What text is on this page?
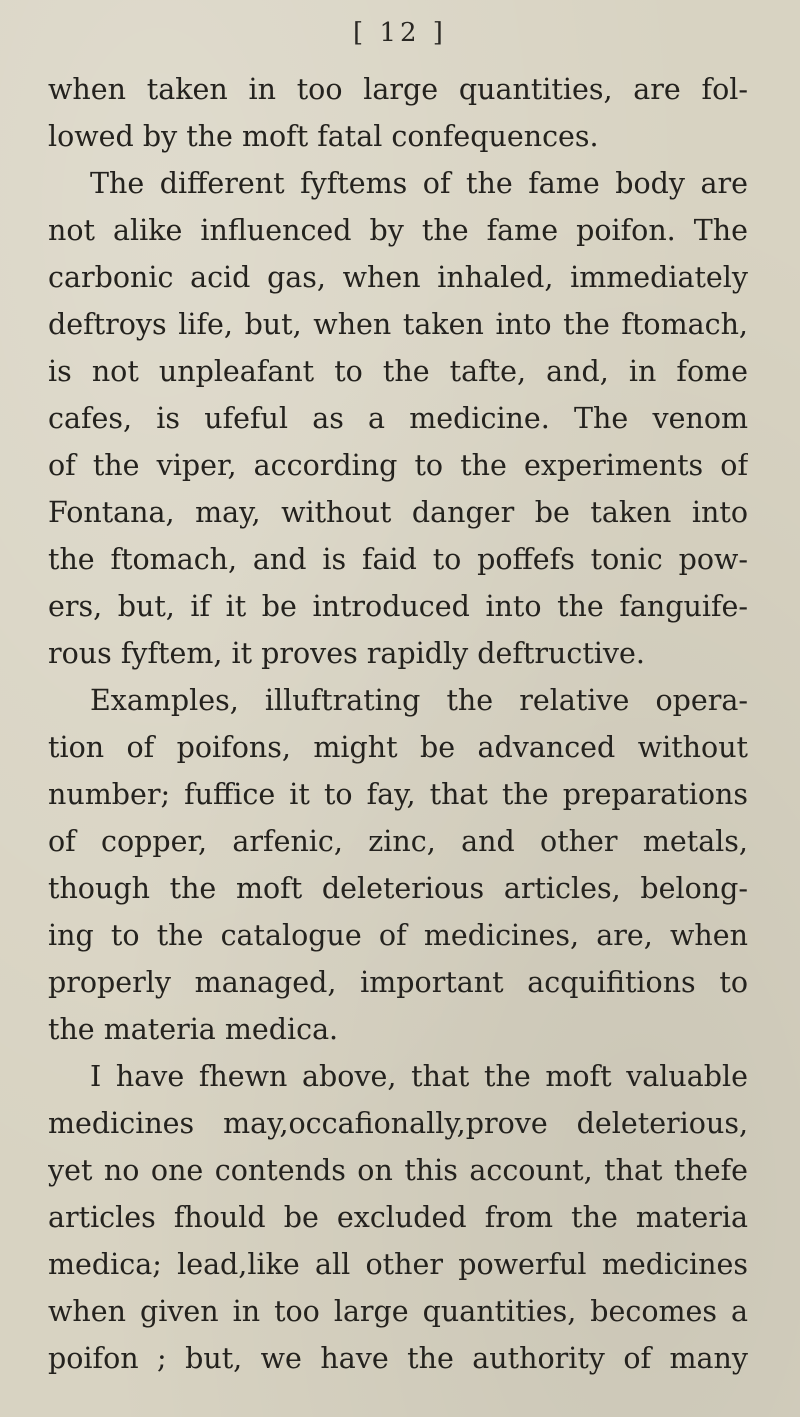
[ 12 ]
when taken in too large quantities, are fol-
lowed by the moft fatal confequences.
The different fyftems of the fame body are
not alike influenced by the fame poifon. The
carbonic acid gas, when inhaled, immediately
deftroys life, but, when taken into the ftomach,
is not unpleafant to the tafte, and, in fome
cafes, is ufeful as a medicine. The venom
of the viper, according to the experiments of
Fontana, may, without danger be taken into
the ftomach, and is faid to poffefs tonic pow-
ers, but, if it be introduced into the fanguife-
rous fyftem, it proves rapidly deftructive.
Examples, illuftrating the relative opera-
tion of poifons, might be advanced without
number; fuffice it to fay, that the preparations
of copper, arfenic, zinc, and other metals,
though the moft deleterious articles, belong-
ing to the catalogue of medicines, are, when
properly managed, important acquifitions to
the materia medica.
I have fhewn above, that the moft valuable
medicines may,occafionally,prove deleterious,
yet no one contends on this account, that thefe
articles fhould be excluded from the materia
medica; lead,like all other powerful medicines
when given in too large quantities, becomes a
poifon ; but, we have the authority of many
